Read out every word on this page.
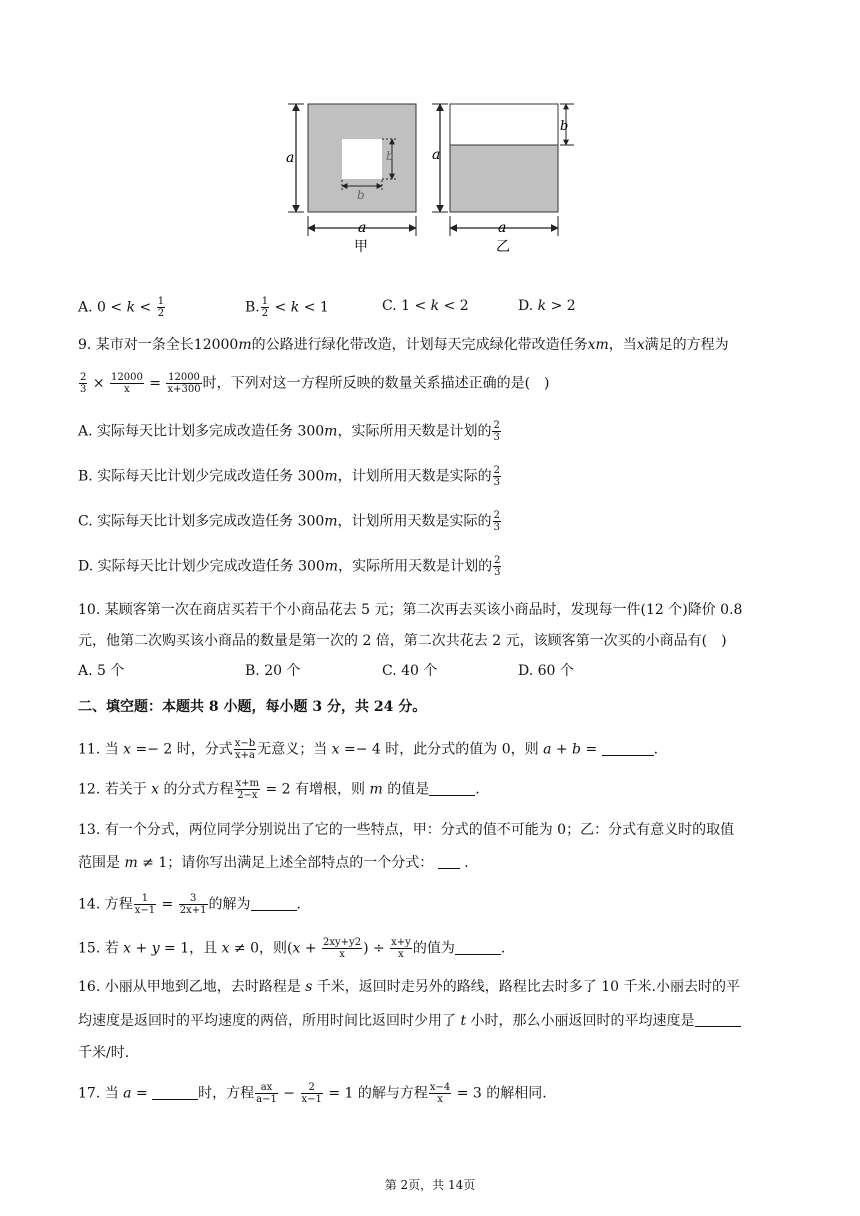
a	b
b
a
甲
a
b
a
乙
A. $0 < k < \frac{1}{2}$	B. $\frac{1}{2} < k < 1$	C. 1 < k < 2	D. k > 2
9. 某市对一条全长12000𝑚的公路进行绿化带改造，计划每天完成绿化带改造任务𝑥𝑚，当𝑥满足的方程为
$\frac{2}{3} \times \frac{12000}{x} = \frac{12000}{x+300}$ 时，下列对这一方程所反映的数量关系描述正确的是(　)
A. 实际每天比计划多完成改造任务 300𝑚，实际所用天数是计划的 $\frac{2}{3}$
B. 实际每天比计划少完成改造任务 300𝑚，计划所用天数是实际的 $\frac{2}{3}$
C. 实际每天比计划多完成改造任务 300𝑚，计划所用天数是实际的 $\frac{2}{3}$
D. 实际每天比计划少完成改造任务 300𝑚，实际所用天数是计划的 $\frac{2}{3}$
10. 某顾客第一次在商店买若干个小商品花去 5 元；第二次再去买该小商品时，发现每一件(12 个)降价 0.8
元，他第二次购买该小商品的数量是第一次的 2 倍，第二次共花去 2 元，该顾客第一次买的小商品有(　)
A. 5 个	B. 20 个	C. 40 个	D. 60 个
二、填空题：本题共 8 小题，每小题 3 分，共 24 分。
11. 当 𝑥 =− 2 时，分式 $\frac{x-b}{x+a}$ 无意义；当 𝑥 =− 4 时，此分式的值为 0，则 𝑎 + 𝑏 =	.
12. 若关于 𝑥 的分式方程 $\frac{x+m}{2-x} = 2$ 有增根，则 𝑚 的值是	.
13. 有一个分式，两位同学分别说出了它的一些特点，甲：分式的值不可能为 0；乙：分式有意义时的取值
范围是 𝑚 ≠ 1；请你写出满足上述全部特点的一个分式：  .
14. 方程 $\frac{1}{x-1} = \frac{3}{2x+1}$ 的解为	.
15. 若 𝑥 + 𝑦 = 1，且 𝑥 ≠ 0，则(𝑥 + $\frac{2xy+y2}{x}$ ) ÷ $\frac{x+y}{x}$ 的值为	.
16. 小丽从甲地到乙地，去时路程是 𝑠 千米，返回时走另外的路线，路程比去时多了 10 千米.小丽去时的平
均速度是返回时的平均速度的两倍，所用时间比返回时少用了 𝑡 小时，那么小丽返回时的平均速度是
千米/时.
17. 当 𝑎 =	时，方程 $\frac{ax}{a-1} - \frac{2}{x-1} = 1$ 的解与方程 $\frac{x-4}{x} = 3$ 的解相同.
第 2页，共 14页
